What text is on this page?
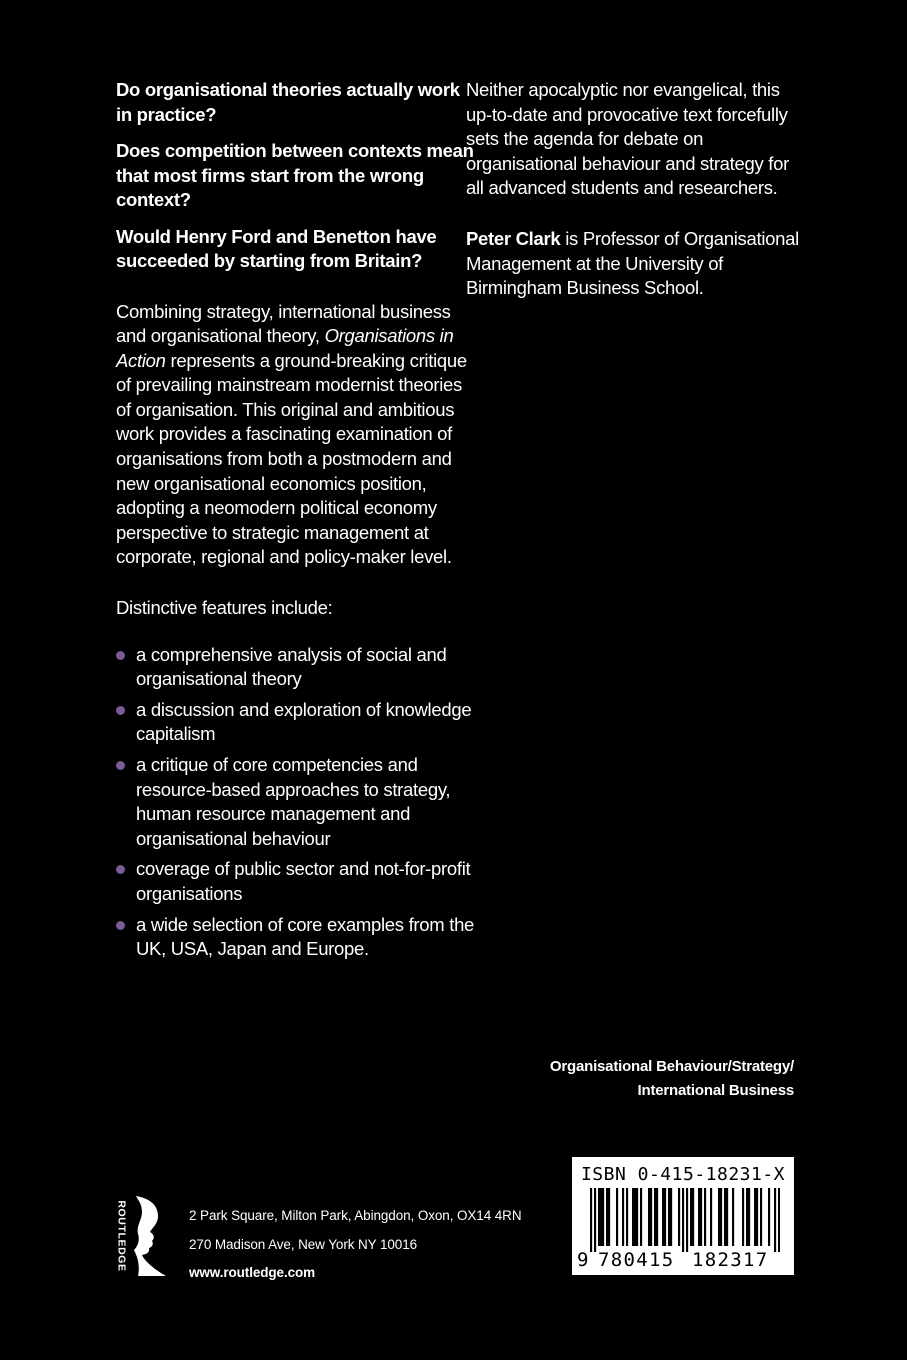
Do organisational theories actually work in practice?

Does competition between contexts mean that most firms start from the wrong context?

Would Henry Ford and Benetton have succeeded by starting from Britain?

Combining strategy, international business and organisational theory, Organisations in Action represents a ground-breaking critique of prevailing mainstream modernist theories of organisation. This original and ambitious work provides a fascinating examination of organisations from both a postmodern and new organisational economics position, adopting a neomodern political economy perspective to strategic management at corporate, regional and policy-maker level.

Distinctive features include:

a comprehensive analysis of social and organisational theory
a discussion and exploration of knowledge capitalism
a critique of core competencies and resource-based approaches to strategy, human resource management and organisational behaviour
coverage of public sector and not-for-profit organisations
a wide selection of core examples from the UK, USA, Japan and Europe.

Neither apocalyptic nor evangelical, this up-to-date and provocative text forcefully sets the agenda for debate on organisational behaviour and strategy for all advanced students and researchers.

Peter Clark is Professor of Organisational Management at the University of Birmingham Business School.

Organisational Behaviour/Strategy/
International Business
ROUTLEDGE	2 Park Square, Milton Park, Abingdon, Oxon, OX14 4RN
270 Madison Ave, New York NY 10016
www.routledge.com
ISBN 0-415-18231-X
9 780415 182317
